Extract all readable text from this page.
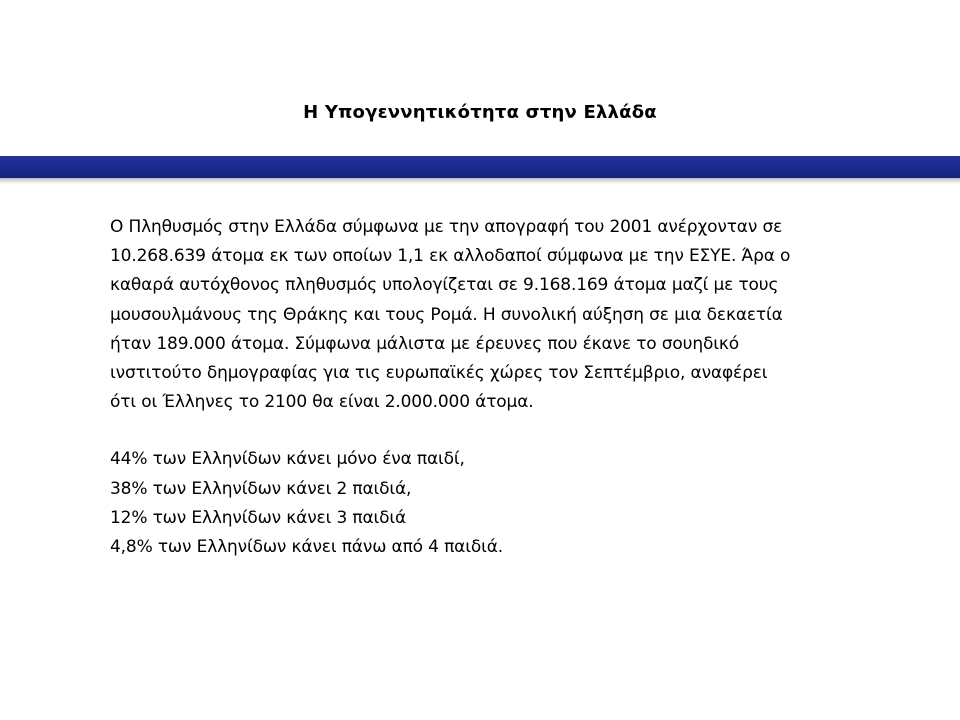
Η Υπογεννητικότητα στην Ελλάδα

Ο Πληθυσμός στην Ελλάδα σύμφωνα με την απογραφή του 2001 ανέρχονταν σε
10.268.639 άτομα εκ των οποίων 1,1 εκ αλλοδαποί σύμφωνα με την ΕΣΥΕ. Άρα ο
καθαρά αυτόχθονος πληθυσμός υπολογίζεται σε 9.168.169 άτομα μαζί με τους
μουσουλμάνους της Θράκης και τους Ρομά. Η συνολική αύξηση σε μια δεκαετία
ήταν 189.000 άτομα. Σύμφωνα μάλιστα με έρευνες που έκανε το σουηδικό
ινστιτούτο δημογραφίας για τις ευρωπαϊκές χώρες τον Σεπτέμβριο, αναφέρει
ότι οι Έλληνες το 2100 θα είναι 2.000.000 άτομα.

44% των Ελληνίδων κάνει μόνο ένα παιδί,
38% των Ελληνίδων κάνει 2 παιδιά,
12% των Ελληνίδων κάνει 3 παιδιά
4,8% των Ελληνίδων κάνει πάνω από 4 παιδιά.
